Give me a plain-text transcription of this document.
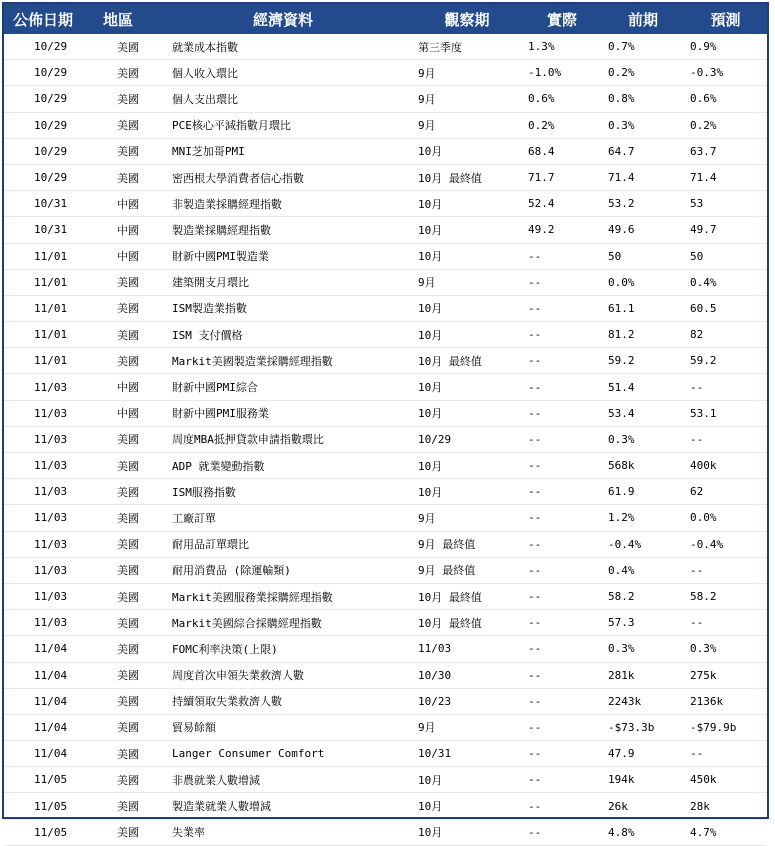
公佈日期	地區	經濟資料	觀察期	實際	前期	預測
10/29	美國	就業成本指數	第三季度	1.3%	0.7%	0.9%
10/29	美國	個人收入環比	9月	-1.0%	0.2%	-0.3%
10/29	美國	個人支出環比	9月	0.6%	0.8%	0.6%
10/29	美國	PCE核心平減指數月環比	9月	0.2%	0.3%	0.2%
10/29	美國	MNI芝加哥PMI	10月	68.4	64.7	63.7
10/29	美國	密西根大學消費者信心指數	10月 最終值	71.7	71.4	71.4
10/31	中國	非製造業採購經理指數	10月	52.4	53.2	53
10/31	中國	製造業採購經理指數	10月	49.2	49.6	49.7
11/01	中國	財新中國PMI製造業	10月	--	50	50
11/01	美國	建築開支月環比	9月	--	0.0%	0.4%
11/01	美國	ISM製造業指數	10月	--	61.1	60.5
11/01	美國	ISM 支付價格	10月	--	81.2	82
11/01	美國	Markit美國製造業採購經理指數	10月 最終值	--	59.2	59.2
11/03	中國	財新中國PMI綜合	10月	--	51.4	--
11/03	中國	財新中國PMI服務業	10月	--	53.4	53.1
11/03	美國	周度MBA抵押貸款申請指數環比	10/29	--	0.3%	--
11/03	美國	ADP 就業變動指數	10月	--	568k	400k
11/03	美國	ISM服務指數	10月	--	61.9	62
11/03	美國	工廠訂單	9月	--	1.2%	0.0%
11/03	美國	耐用品訂單環比	9月 最終值	--	-0.4%	-0.4%
11/03	美國	耐用消費品 (除運輸類)	9月 最終值	--	0.4%	--
11/03	美國	Markit美國服務業採購經理指數	10月 最終值	--	58.2	58.2
11/03	美國	Markit美國綜合採購經理指數	10月 最終值	--	57.3	--
11/04	美國	FOMC利率決策(上限)	11/03	--	0.3%	0.3%
11/04	美國	周度首次申領失業救濟人數	10/30	--	281k	275k
11/04	美國	持續領取失業救濟人數	10/23	--	2243k	2136k
11/04	美國	貿易餘額	9月	--	-$73.3b	-$79.9b
11/04	美國	Langer Consumer Comfort	10/31	--	47.9	--
11/05	美國	非農就業人數增減	10月	--	194k	450k
11/05	美國	製造業就業人數增減	10月	--	26k	28k
11/05	美國	失業率	10月	--	4.8%	4.7%
